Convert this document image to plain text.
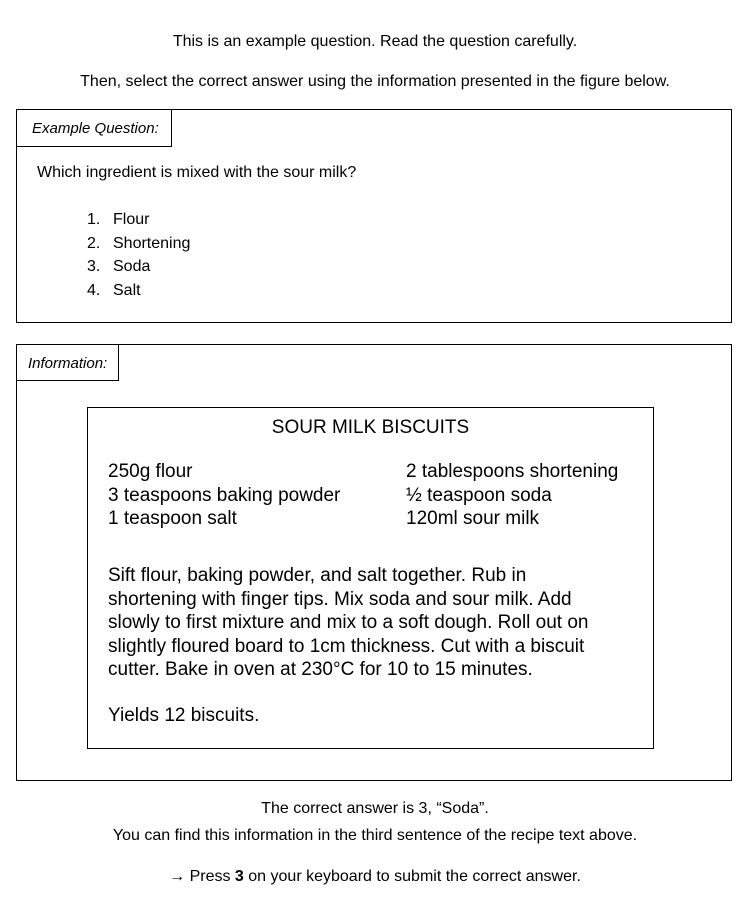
This is an example question. Read the question carefully.
Then, select the correct answer using the information presented in the figure below.
Example Question:
Which ingredient is mixed with the sour milk?
1. Flour
2. Shortening
3. Soda
4. Salt
Information:
SOUR MILK BISCUITS
250g flour
3 teaspoons baking powder
1 teaspoon salt
2 tablespoons shortening
½ teaspoon soda
120ml sour milk
Sift flour, baking powder, and salt together. Rub in
shortening with finger tips. Mix soda and sour milk. Add
slowly to first mixture and mix to a soft dough. Roll out on
slightly floured board to 1cm thickness. Cut with a biscuit
cutter. Bake in oven at 230°C for 10 to 15 minutes.
Yields 12 biscuits.
The correct answer is 3, “Soda”.
You can find this information in the third sentence of the recipe text above.
→ Press 3 on your keyboard to submit the correct answer.
